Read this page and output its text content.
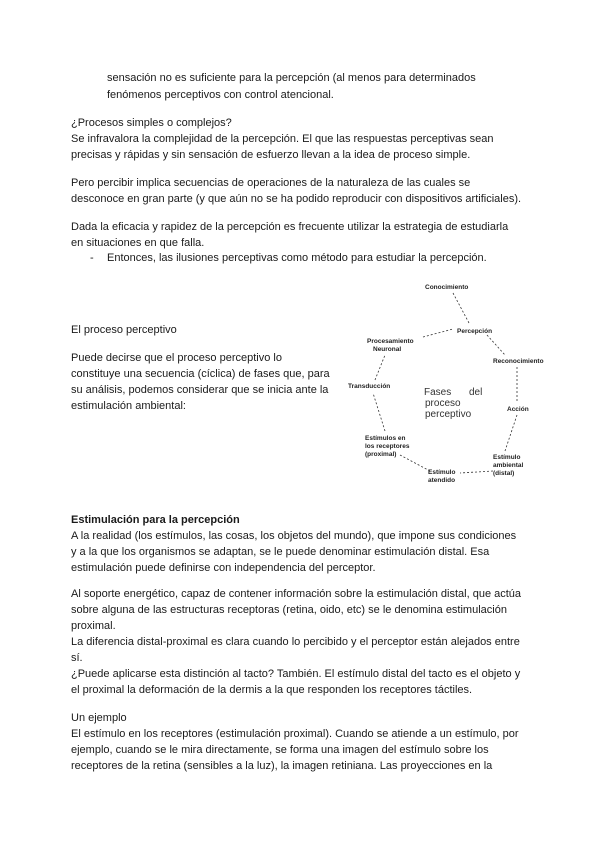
sensación no es suficiente para la percepción (al menos para determinados
fenómenos perceptivos con control atencional.
¿Procesos simples o complejos?
Se infravalora la complejidad de la percepción. El que las respuestas perceptivas sean
precisas y rápidas y sin sensación de esfuerzo llevan a la idea de proceso simple.
Pero percibir implica secuencias de operaciones de la naturaleza de las cuales se
desconoce en gran parte (y que aún no se ha podido reproducir con dispositivos artificiales).
Dada la eficacia y rapidez de la percepción es frecuente utilizar la estrategia de estudiarla
en situaciones en que falla.
- Entonces, las ilusiones perceptivas como método para estudiar la percepción.
El proceso perceptivo
Puede decirse que el proceso perceptivo lo
constituye una secuencia (cíclica) de fases que, para
su análisis, podemos considerar que se inicia ante la
estimulación ambiental:
Conocimiento
Percepción
Reconocimiento
Acción
Estímulo
ambiental
(distal)
Estímulo
atendido
Estímulos en
los receptores
(proximal)
Transducción
Procesamiento
Neuronal
Fases del
proceso
perceptivo
Estimulación para la percepción
A la realidad (los estímulos, las cosas, los objetos del mundo), que impone sus condiciones
y a la que los organismos se adaptan, se le puede denominar estimulación distal. Esa
estimulación puede definirse con independencia del perceptor.
Al soporte energético, capaz de contener información sobre la estimulación distal, que actúa
sobre alguna de las estructuras receptoras (retina, oido, etc) se le denomina estimulación
proximal.
La diferencia distal-proximal es clara cuando lo percibido y el perceptor están alejados entre
sí.
¿Puede aplicarse esta distinción al tacto? También. El estímulo distal del tacto es el objeto y
el proximal la deformación de la dermis a la que responden los receptores táctiles.
Un ejemplo
El estímulo en los receptores (estimulación proximal). Cuando se atiende a un estímulo, por
ejemplo, cuando se le mira directamente, se forma una imagen del estímulo sobre los
receptores de la retina (sensibles a la luz), la imagen retiniana. Las proyecciones en la
